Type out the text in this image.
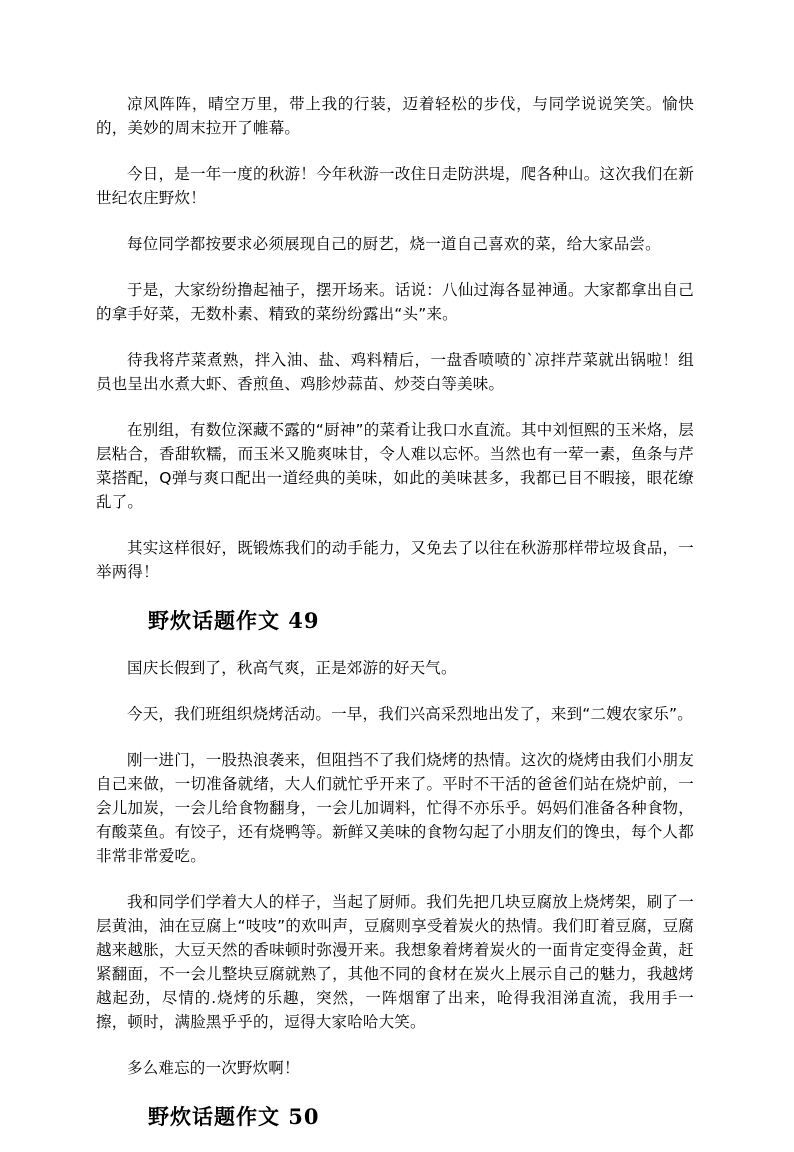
凉风阵阵，晴空万里，带上我的行装，迈着轻松的步伐，与同学说说笑笑。愉快的，美妙的周末拉开了帷幕。

今日，是一年一度的秋游！今年秋游一改住日走防洪堤，爬各种山。这次我们在新世纪农庄野炊！

每位同学都按要求必须展现自己的厨艺，烧一道自己喜欢的菜，给大家品尝。

于是，大家纷纷撸起袖子，摆开场来。话说：八仙过海各显神通。大家都拿出自己的拿手好菜，无数朴素、精致的菜纷纷露出“头”来。

待我将芹菜煮熟，拌入油、盐、鸡料精后，一盘香喷喷的`凉拌芹菜就出锅啦！组员也呈出水煮大虾、香煎鱼、鸡胗炒蒜苗、炒茭白等美味。

在别组，有数位深藏不露的“厨神”的菜肴让我口水直流。其中刘恒熙的玉米烙，层层粘合，香甜软糯，而玉米又脆爽味甘，令人难以忘怀。当然也有一荤一素，鱼条与芹菜搭配，Q弹与爽口配出一道经典的美味，如此的美味甚多，我都已目不暇接，眼花缭乱了。

其实这样很好，既锻炼我们的动手能力，又免去了以往在秋游那样带垃圾食品，一举两得！

野炊话题作文 49

国庆长假到了，秋高气爽，正是郊游的好天气。

今天，我们班组织烧烤活动。一早，我们兴高采烈地出发了，来到“二嫂农家乐”。

刚一进门，一股热浪袭来，但阻挡不了我们烧烤的热情。这次的烧烤由我们小朋友自己来做，一切准备就绪，大人们就忙乎开来了。平时不干活的爸爸们站在烧炉前，一会儿加炭，一会儿给食物翻身，一会儿加调料，忙得不亦乐乎。妈妈们准备各种食物，有酸菜鱼。有饺子，还有烧鸭等。新鲜又美味的食物勾起了小朋友们的馋虫，每个人都非常非常爱吃。

我和同学们学着大人的样子，当起了厨师。我们先把几块豆腐放上烧烤架，刷了一层黄油，油在豆腐上“吱吱”的欢叫声，豆腐则享受着炭火的热情。我们盯着豆腐，豆腐越来越胀，大豆天然的香味顿时弥漫开来。我想象着烤着炭火的一面肯定变得金黄，赶紧翻面，不一会儿整块豆腐就熟了，其他不同的食材在炭火上展示自己的魅力，我越烤越起劲，尽情的.烧烤的乐趣，突然，一阵烟窜了出来，呛得我泪涕直流，我用手一擦，顿时，满脸黑乎乎的，逗得大家哈哈大笑。

多么难忘的一次野炊啊！

野炊话题作文 50
